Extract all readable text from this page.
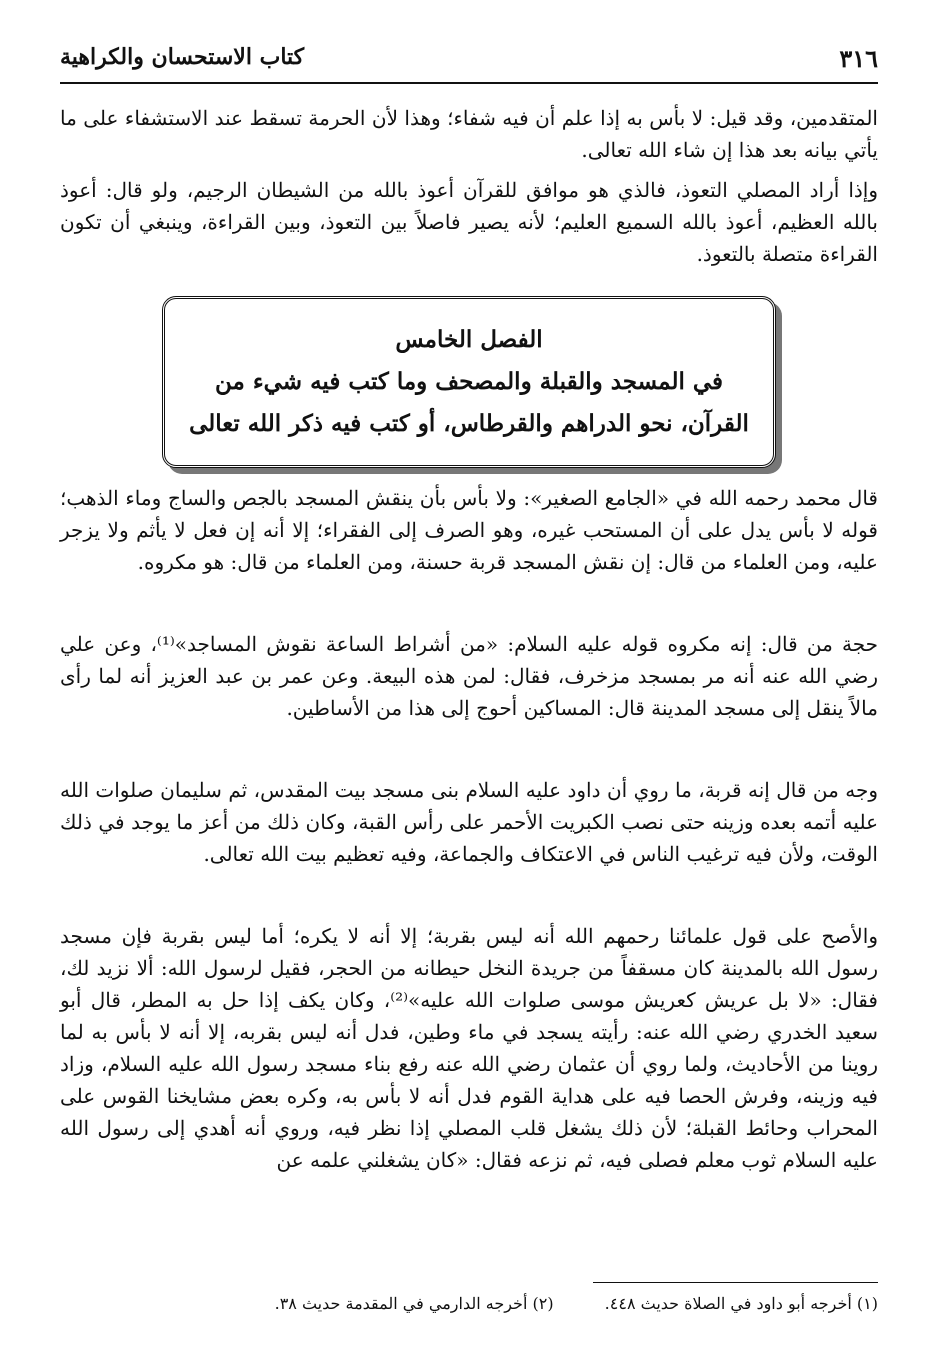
٣١٦
كتاب الاستحسان والكراهية

المتقدمين، وقد قيل: لا بأس به إذا علم أن فيه شفاء؛ وهذا لأن الحرمة تسقط عند الاستشفاء على ما يأتي بيانه بعد هذا إن شاء الله تعالى.

وإذا أراد المصلي التعوذ، فالذي هو موافق للقرآن أعوذ بالله من الشيطان الرجيم، ولو قال: أعوذ بالله العظيم، أعوذ بالله السميع العليم؛ لأنه يصير فاصلاً بين التعوذ، وبين القراءة، وينبغي أن تكون القراءة متصلة بالتعوذ.

الفصل الخامس
في المسجد والقبلة والمصحف وما كتب فيه شيء من
القرآن، نحو الدراهم والقرطاس، أو كتب فيه ذكر الله تعالى

قال محمد رحمه الله في «الجامع الصغير»: ولا بأس بأن ينقش المسجد بالجص والساج وماء الذهب؛ قوله لا بأس يدل على أن المستحب غيره، وهو الصرف إلى الفقراء؛ إلا أنه إن فعل لا يأثم ولا يزجر عليه، ومن العلماء من قال: إن نقش المسجد قربة حسنة، ومن العلماء من قال: هو مكروه.

حجة من قال: إنه مكروه قوله عليه السلام: «من أشراط الساعة نقوش المساجد»⁽¹⁾، وعن علي رضي الله عنه أنه مر بمسجد مزخرف، فقال: لمن هذه البيعة. وعن عمر بن عبد العزيز أنه لما رأى مالاً ينقل إلى مسجد المدينة قال: المساكين أحوج إلى هذا من الأساطين.

وجه من قال إنه قربة، ما روي أن داود عليه السلام بنى مسجد بيت المقدس، ثم سليمان صلوات الله عليه أتمه بعده وزينه حتى نصب الكبريت الأحمر على رأس القبة، وكان ذلك من أعز ما يوجد في ذلك الوقت، ولأن فيه ترغيب الناس في الاعتكاف والجماعة، وفيه تعظيم بيت الله تعالى.

والأصح على قول علمائنا رحمهم الله أنه ليس بقربة؛ إلا أنه لا يكره؛ أما ليس بقربة فإن مسجد رسول الله بالمدينة كان مسقفاً من جريدة النخل حيطانه من الحجر، فقيل لرسول الله: ألا نزيد لك، فقال: «لا بل عريش كعريش موسى صلوات الله عليه»⁽²⁾، وكان يكف إذا حل به المطر، قال أبو سعيد الخدري رضي الله عنه: رأيته يسجد في ماء وطين، فدل أنه ليس بقربه، إلا أنه لا بأس به لما روينا من الأحاديث، ولما روي أن عثمان رضي الله عنه رفع بناء مسجد رسول الله عليه السلام، وزاد فيه وزينه، وفرش الحصا فيه على هداية القوم فدل أنه لا بأس به، وكره بعض مشايخنا القوس على المحراب وحائط القبلة؛ لأن ذلك يشغل قلب المصلي إذا نظر فيه، وروي أنه أهدي إلى رسول الله عليه السلام ثوب معلم فصلى فيه، ثم نزعه فقال: «كان يشغلني علمه عن

(١) أخرجه أبو داود في الصلاة حديث ٤٤٨. (٢) أخرجه الدارمي في المقدمة حديث ٣٨.
